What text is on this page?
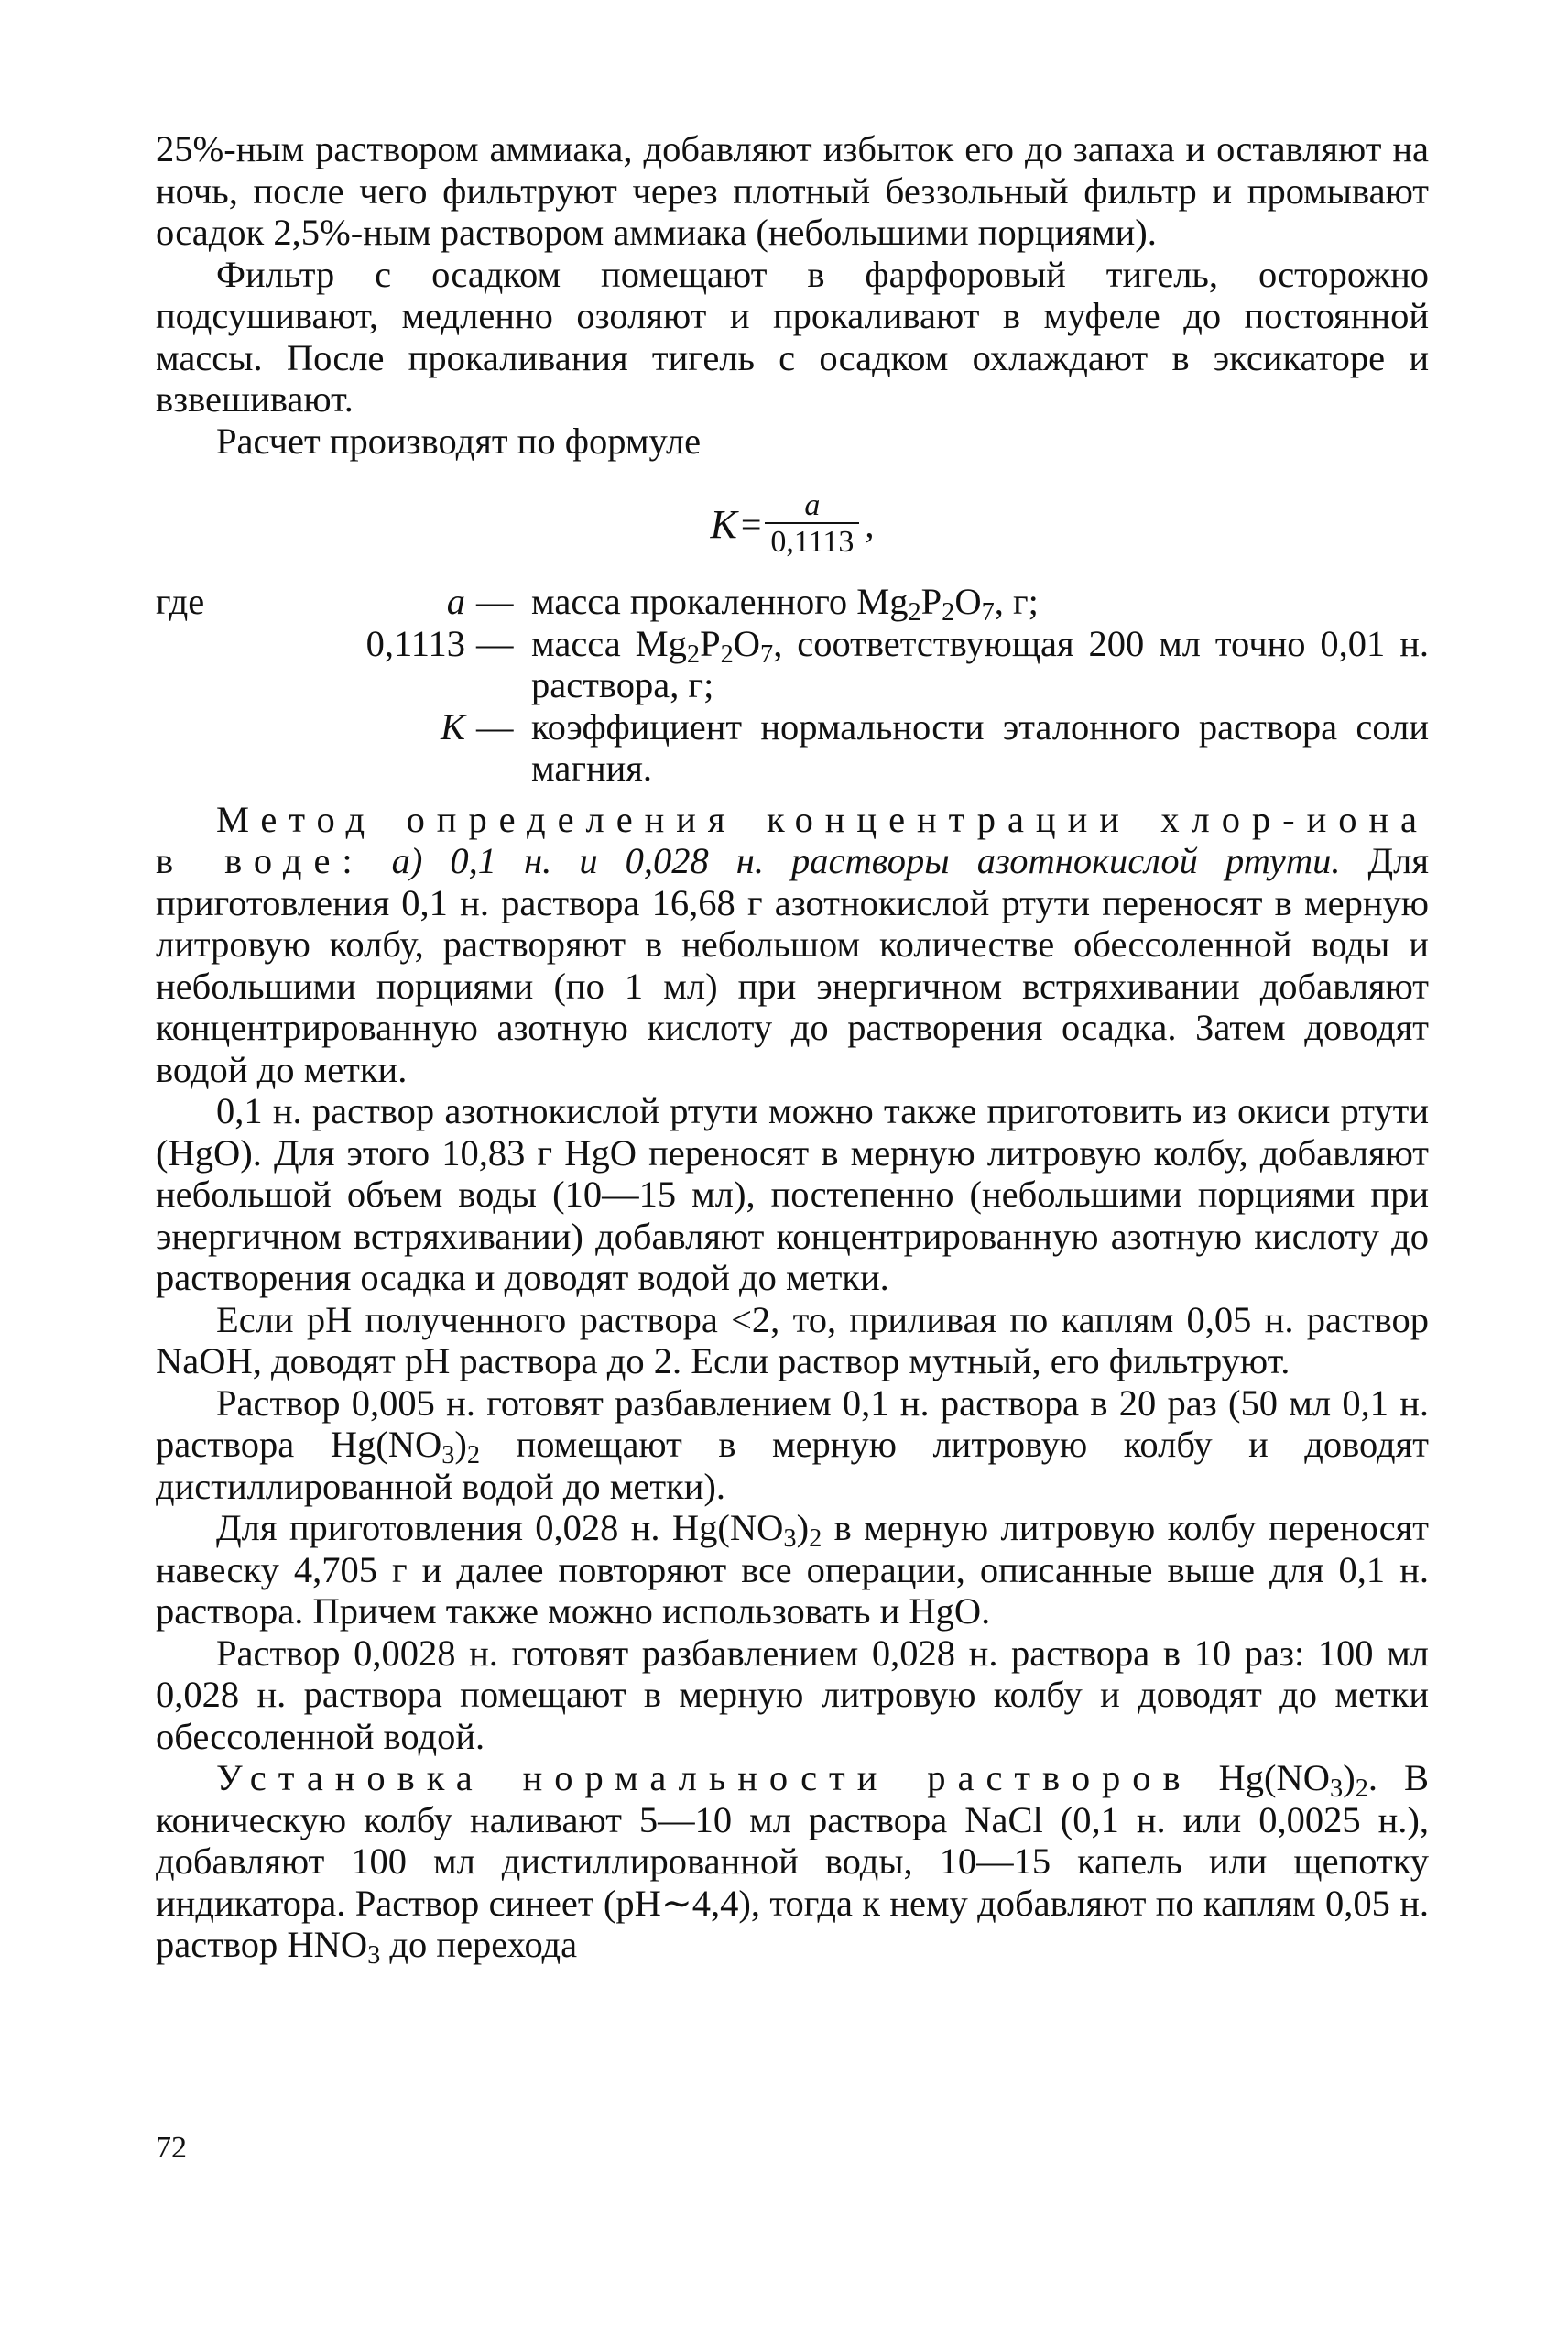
25%-ным раствором аммиака, добавляют избыток его до запаха и оставляют на ночь, после чего фильтруют через плотный беззольный фильтр и промывают осадок 2,5%-ным раствором аммиака (небольшими порциями).

Фильтр с осадком помещают в фарфоровый тигель, осторожно подсушивают, медленно озоляют и прокаливают в муфеле до постоянной массы. После прокаливания тигель с осадком охлаждают в эксикаторе и взвешивают.

Расчет производят по формуле

$K = \frac{a}{0,1113}$ ,
где	a — масса прокаленного $Mg_2P_2O_7$, г;
0,1113 — масса $Mg_2P_2O_7$, соответствующая 200 мл точно 0,01 н. раствора, г;
K — коэффициент нормальности эталонного раствора соли магния.

Метод определения концентрации хлор-иона в воде: а) 0,1 н. и 0,028 н. растворы азотнокислой ртути. Для приготовления 0,1 н. раствора 16,68 г азотнокислой ртути переносят в мерную литровую колбу, растворяют в небольшом количестве обессоленной воды и небольшими порциями (по 1 мл) при энергичном встряхивании добавляют концентрированную азотную кислоту до растворения осадка. Затем доводят водой до метки.

0,1 н. раствор азотнокислой ртути можно также приготовить из окиси ртути (HgO). Для этого 10,83 г HgO переносят в мерную литровую колбу, добавляют небольшой объем воды (10—15 мл), постепенно (небольшими порциями при энергичном встряхивании) добавляют концентрированную азотную кислоту до растворения осадка и доводят водой до метки.

Если pH полученного раствора <2, то, приливая по каплям 0,05 н. раствор NaOH, доводят pH раствора до 2. Если раствор мутный, его фильтруют.

Раствор 0,005 н. готовят разбавлением 0,1 н. раствора в 20 раз (50 мл 0,1 н. раствора $Hg(NO_3)_2$ помещают в мерную литровую колбу и доводят дистиллированной водой до метки).

Для приготовления 0,028 н. $Hg(NO_3)_2$ в мерную литровую колбу переносят навеску 4,705 г и далее повторяют все операции, описанные выше для 0,1 н. раствора. Причем также можно использовать и HgO.

Раствор 0,0028 н. готовят разбавлением 0,028 н. раствора в 10 раз: 100 мл 0,028 н. раствора помещают в мерную литровую колбу и доводят до метки обессоленной водой.

Установка нормальности растворов $Hg(NO_3)_2$. В коническую колбу наливают 5—10 мл раствора NaCl (0,1 н. или 0,0025 н.), добавляют 100 мл дистиллированной воды, 10—15 капель или щепотку индикатора. Раствор синеет (pH∼4,4), тогда к нему добавляют по каплям 0,05 н. раствор $HNO_3$ до перехода

72
